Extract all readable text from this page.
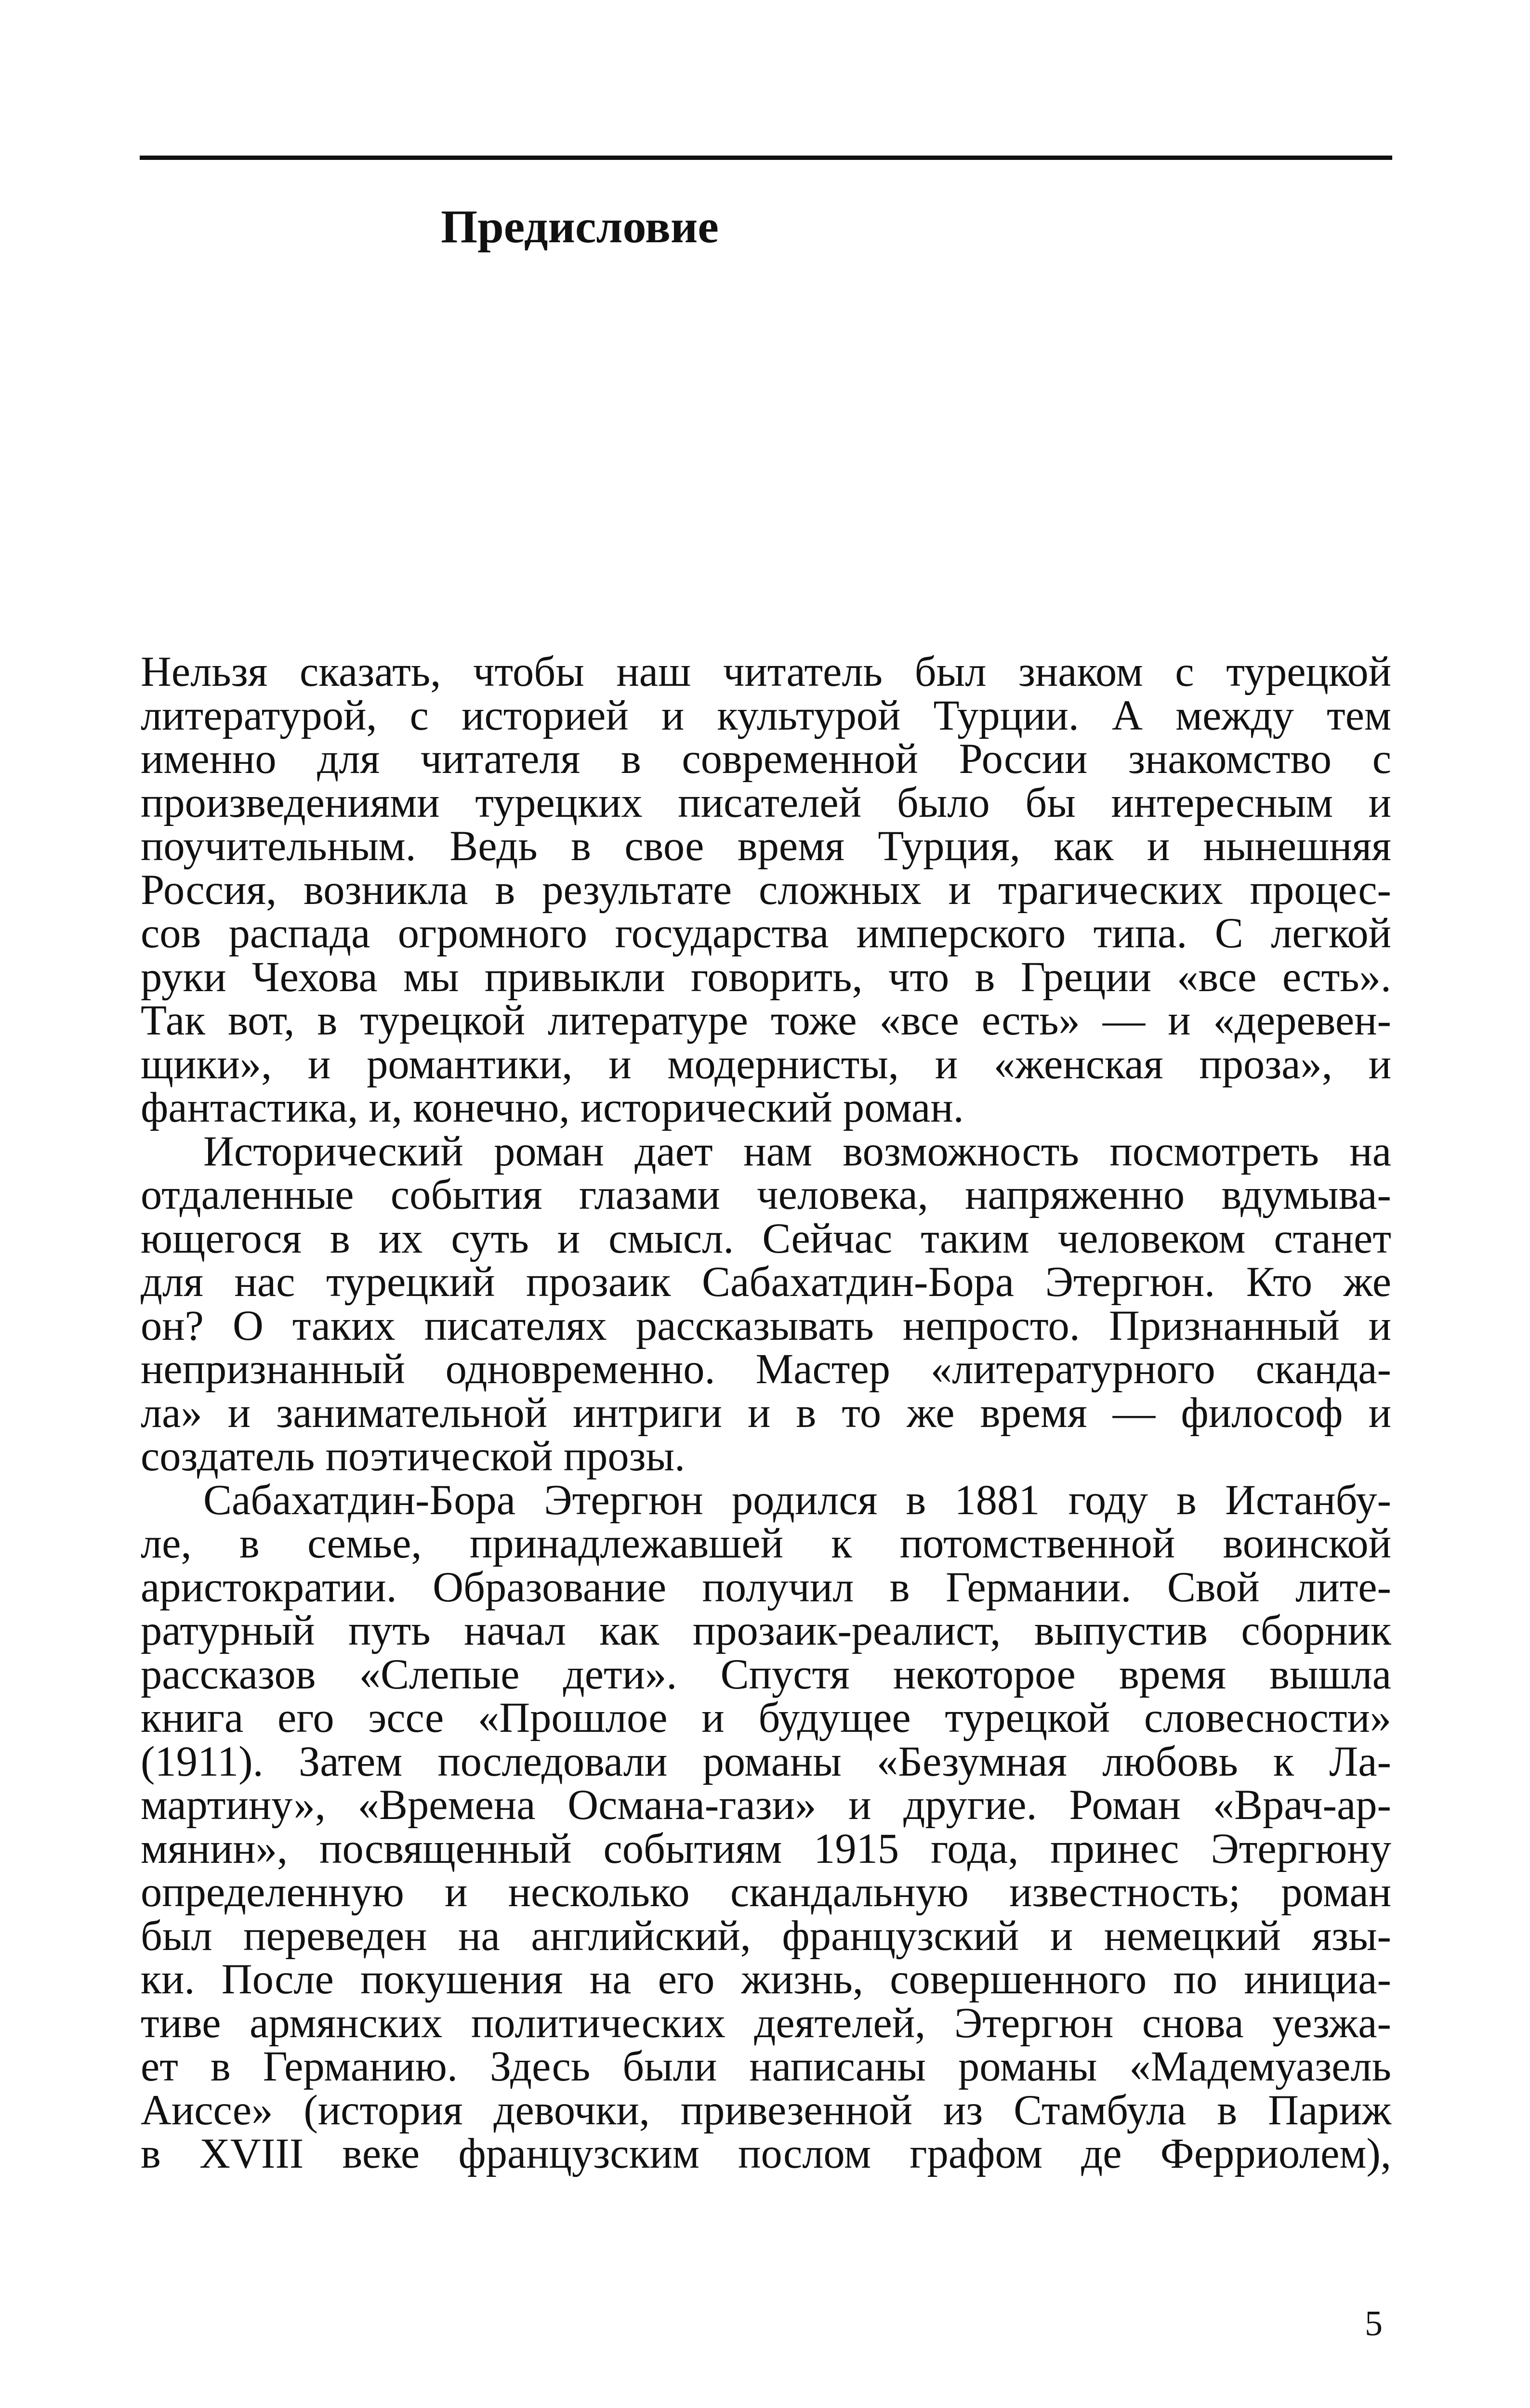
Предисловие
Нельзя сказать, чтобы наш читатель был знаком с турецкой
литературой, с историей и культурой Турции. А между тем
именно для читателя в современной России знакомство с
произведениями турецких писателей было бы интересным и
поучительным. Ведь в свое время Турция, как и нынешняя
Россия, возникла в результате сложных и трагических процес-
сов распада огромного государства имперского типа. С легкой
руки Чехова мы привыкли говорить, что в Греции «все есть».
Так вот, в турецкой литературе тоже «все есть» — и «деревен-
щики», и романтики, и модернисты, и «женская проза», и
фантастика, и, конечно, исторический роман.
Исторический роман дает нам возможность посмотреть на
отдаленные события глазами человека, напряженно вдумыва-
ющегося в их суть и смысл. Сейчас таким человеком станет
для нас турецкий прозаик Сабахатдин-Бора Этергюн. Кто же
он? О таких писателях рассказывать непросто. Признанный и
непризнанный одновременно. Мастер «литературного сканда-
ла» и занимательной интриги и в то же время — философ и
создатель поэтической прозы.
Сабахатдин-Бора Этергюн родился в 1881 году в Истанбу-
ле, в семье, принадлежавшей к потомственной воинской
аристократии. Образование получил в Германии. Свой лите-
ратурный путь начал как прозаик-реалист, выпустив сборник
рассказов «Слепые дети». Спустя некоторое время вышла
книга его эссе «Прошлое и будущее турецкой словесности»
(1911). Затем последовали романы «Безумная любовь к Ла-
мартину», «Времена Османа-гази» и другие. Роман «Врач-ар-
мянин», посвященный событиям 1915 года, принес Этергюну
определенную и несколько скандальную известность; роман
был переведен на английский, французский и немецкий язы-
ки. После покушения на его жизнь, совершенного по инициа-
тиве армянских политических деятелей, Этергюн снова уезжа-
ет в Германию. Здесь были написаны романы «Мадемуазель
Аиссе» (история девочки, привезенной из Стамбула в Париж
в XVIII веке французским послом графом де Ферриолем),
5
